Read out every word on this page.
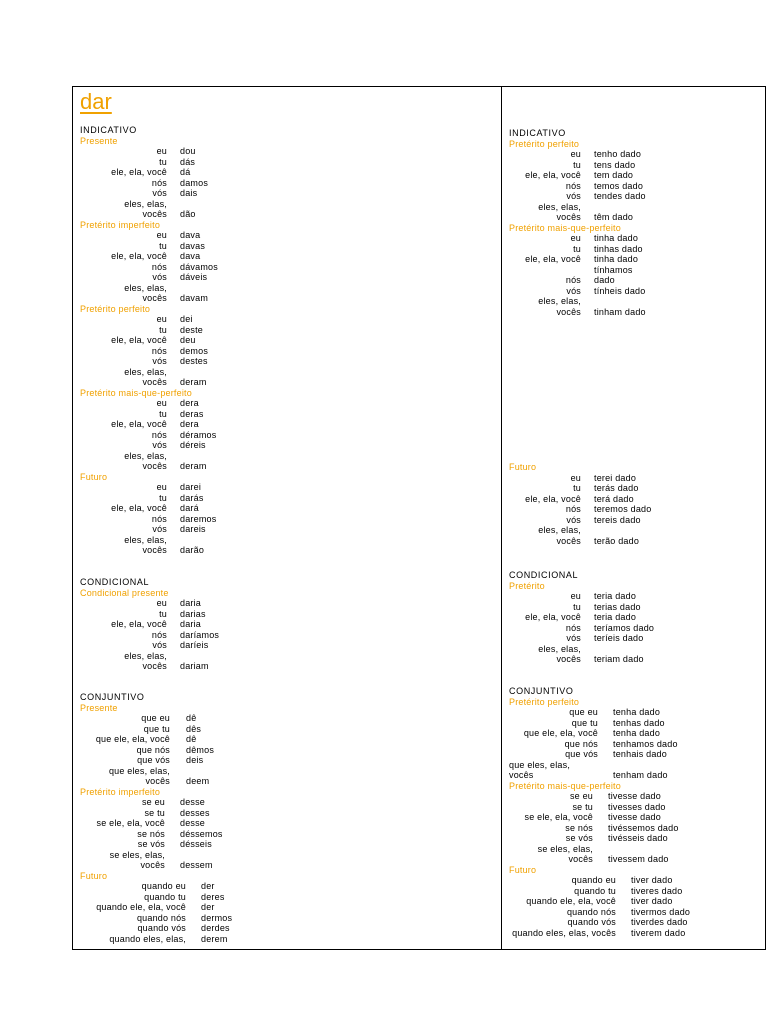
dar
INDICATIVO
Presente
eu dou
tu dás
ele, ela, você dá
nós damos
vós dais
eles, elas,
vocês dão
Pretérito imperfeito
eu dava
tu davas
ele, ela, você dava
nós dávamos
vós dáveis
eles, elas,
vocês davam
Pretérito perfeito
eu dei
tu deste
ele, ela, você deu
nós demos
vós destes
eles, elas,
vocês deram
Pretérito mais-que-perfeito
eu dera
tu deras
ele, ela, você dera
nós déramos
vós déreis
eles, elas,
vocês deram
Futuro
eu darei
tu darás
ele, ela, você dará
nós daremos
vós dareis
eles, elas,
vocês darão
CONDICIONAL
Condicional presente
eu daria
tu darias
ele, ela, você daria
nós daríamos
vós daríeis
eles, elas,
vocês dariam
CONJUNTIVO
Presente
que eu dê
que tu dês
que ele, ela, você dê
que nós dêmos
que vós deis
que eles, elas,
vocês deem
Pretérito imperfeito
se eu desse
se tu desses
se ele, ela, você desse
se nós déssemos
se vós désseis
se eles, elas,
vocês dessem
Futuro
quando eu der
quando tu deres
quando ele, ela, você der
quando nós dermos
quando vós derdes
quando eles, elas, derem
INDICATIVO
Pretérito perfeito
eu tenho dado
tu tens dado
ele, ela, você tem dado
nós temos dado
vós tendes dado
eles, elas,
vocês têm dado
Pretérito mais-que-perfeito
eu tinha dado
tu tinhas dado
ele, ela, você tinha dado
tínhamos
nós dado
vós tínheis dado
eles, elas,
vocês tinham dado
Futuro
eu terei dado
tu terás dado
ele, ela, você terá dado
nós teremos dado
vós tereis dado
eles, elas,
vocês terão dado
CONDICIONAL
Pretérito
eu teria dado
tu terias dado
ele, ela, você teria dado
nós teríamos dado
vós teríeis dado
eles, elas,
vocês teriam dado
CONJUNTIVO
Pretérito perfeito
que eu tenha dado
que tu tenhas dado
que ele, ela, você tenha dado
que nós tenhamos dado
que vós tenhais dado
que eles, elas,
vocês	tenham dado
Pretérito mais-que-perfeito
se eu tivesse dado
se tu tivesses dado
se ele, ela, você tivesse dado
se nós tivéssemos dado
se vós tivésseis dado
se eles, elas,
vocês tivessem dado
Futuro
quando eu tiver dado
quando tu tiveres dado
quando ele, ela, você tiver dado
quando nós tivermos dado
quando vós tiverdes dado
quando eles, elas, vocês tiverem dado
